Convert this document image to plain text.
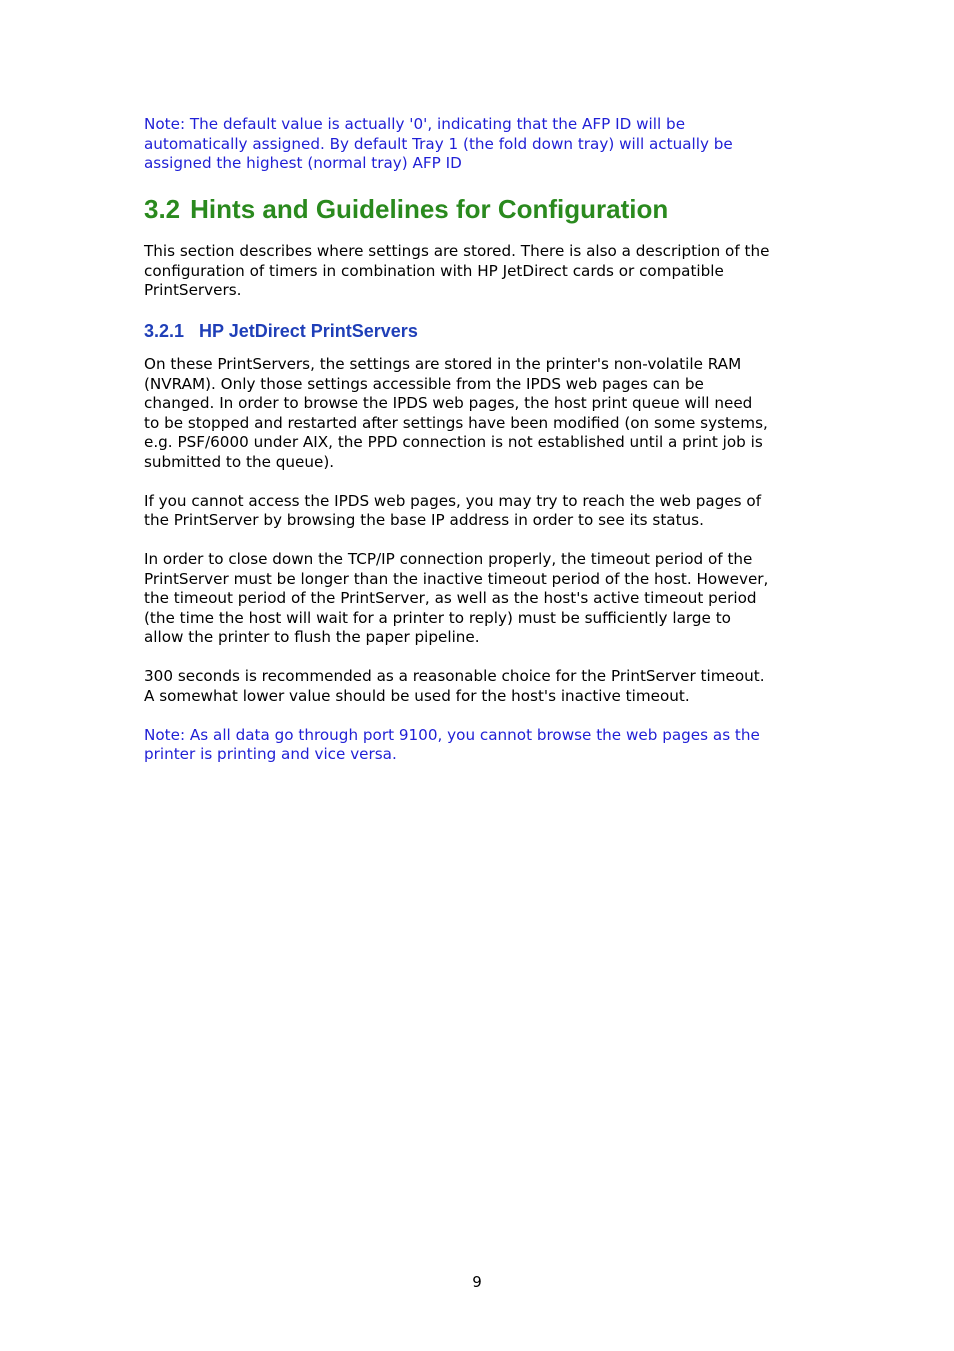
Note: The default value is actually '0', indicating that the AFP ID will be
automatically assigned. By default Tray 1 (the fold down tray) will actually be
assigned the highest (normal tray) AFP ID

3.2 Hints and Guidelines for Configuration

This section describes where settings are stored. There is also a description of the
configuration of timers in combination with HP JetDirect cards or compatible
PrintServers.

3.2.1 HP JetDirect PrintServers

On these PrintServers, the settings are stored in the printer's non-volatile RAM
(NVRAM). Only those settings accessible from the IPDS web pages can be
changed. In order to browse the IPDS web pages, the host print queue will need
to be stopped and restarted after settings have been modified (on some systems,
e.g. PSF/6000 under AIX, the PPD connection is not established until a print job is
submitted to the queue).

If you cannot access the IPDS web pages, you may try to reach the web pages of
the PrintServer by browsing the base IP address in order to see its status.

In order to close down the TCP/IP connection properly, the timeout period of the
PrintServer must be longer than the inactive timeout period of the host. However,
the timeout period of the PrintServer, as well as the host's active timeout period
(the time the host will wait for a printer to reply) must be sufficiently large to
allow the printer to flush the paper pipeline.

300 seconds is recommended as a reasonable choice for the PrintServer timeout.
A somewhat lower value should be used for the host's inactive timeout.

Note: As all data go through port 9100, you cannot browse the web pages as the
printer is printing and vice versa.

9
